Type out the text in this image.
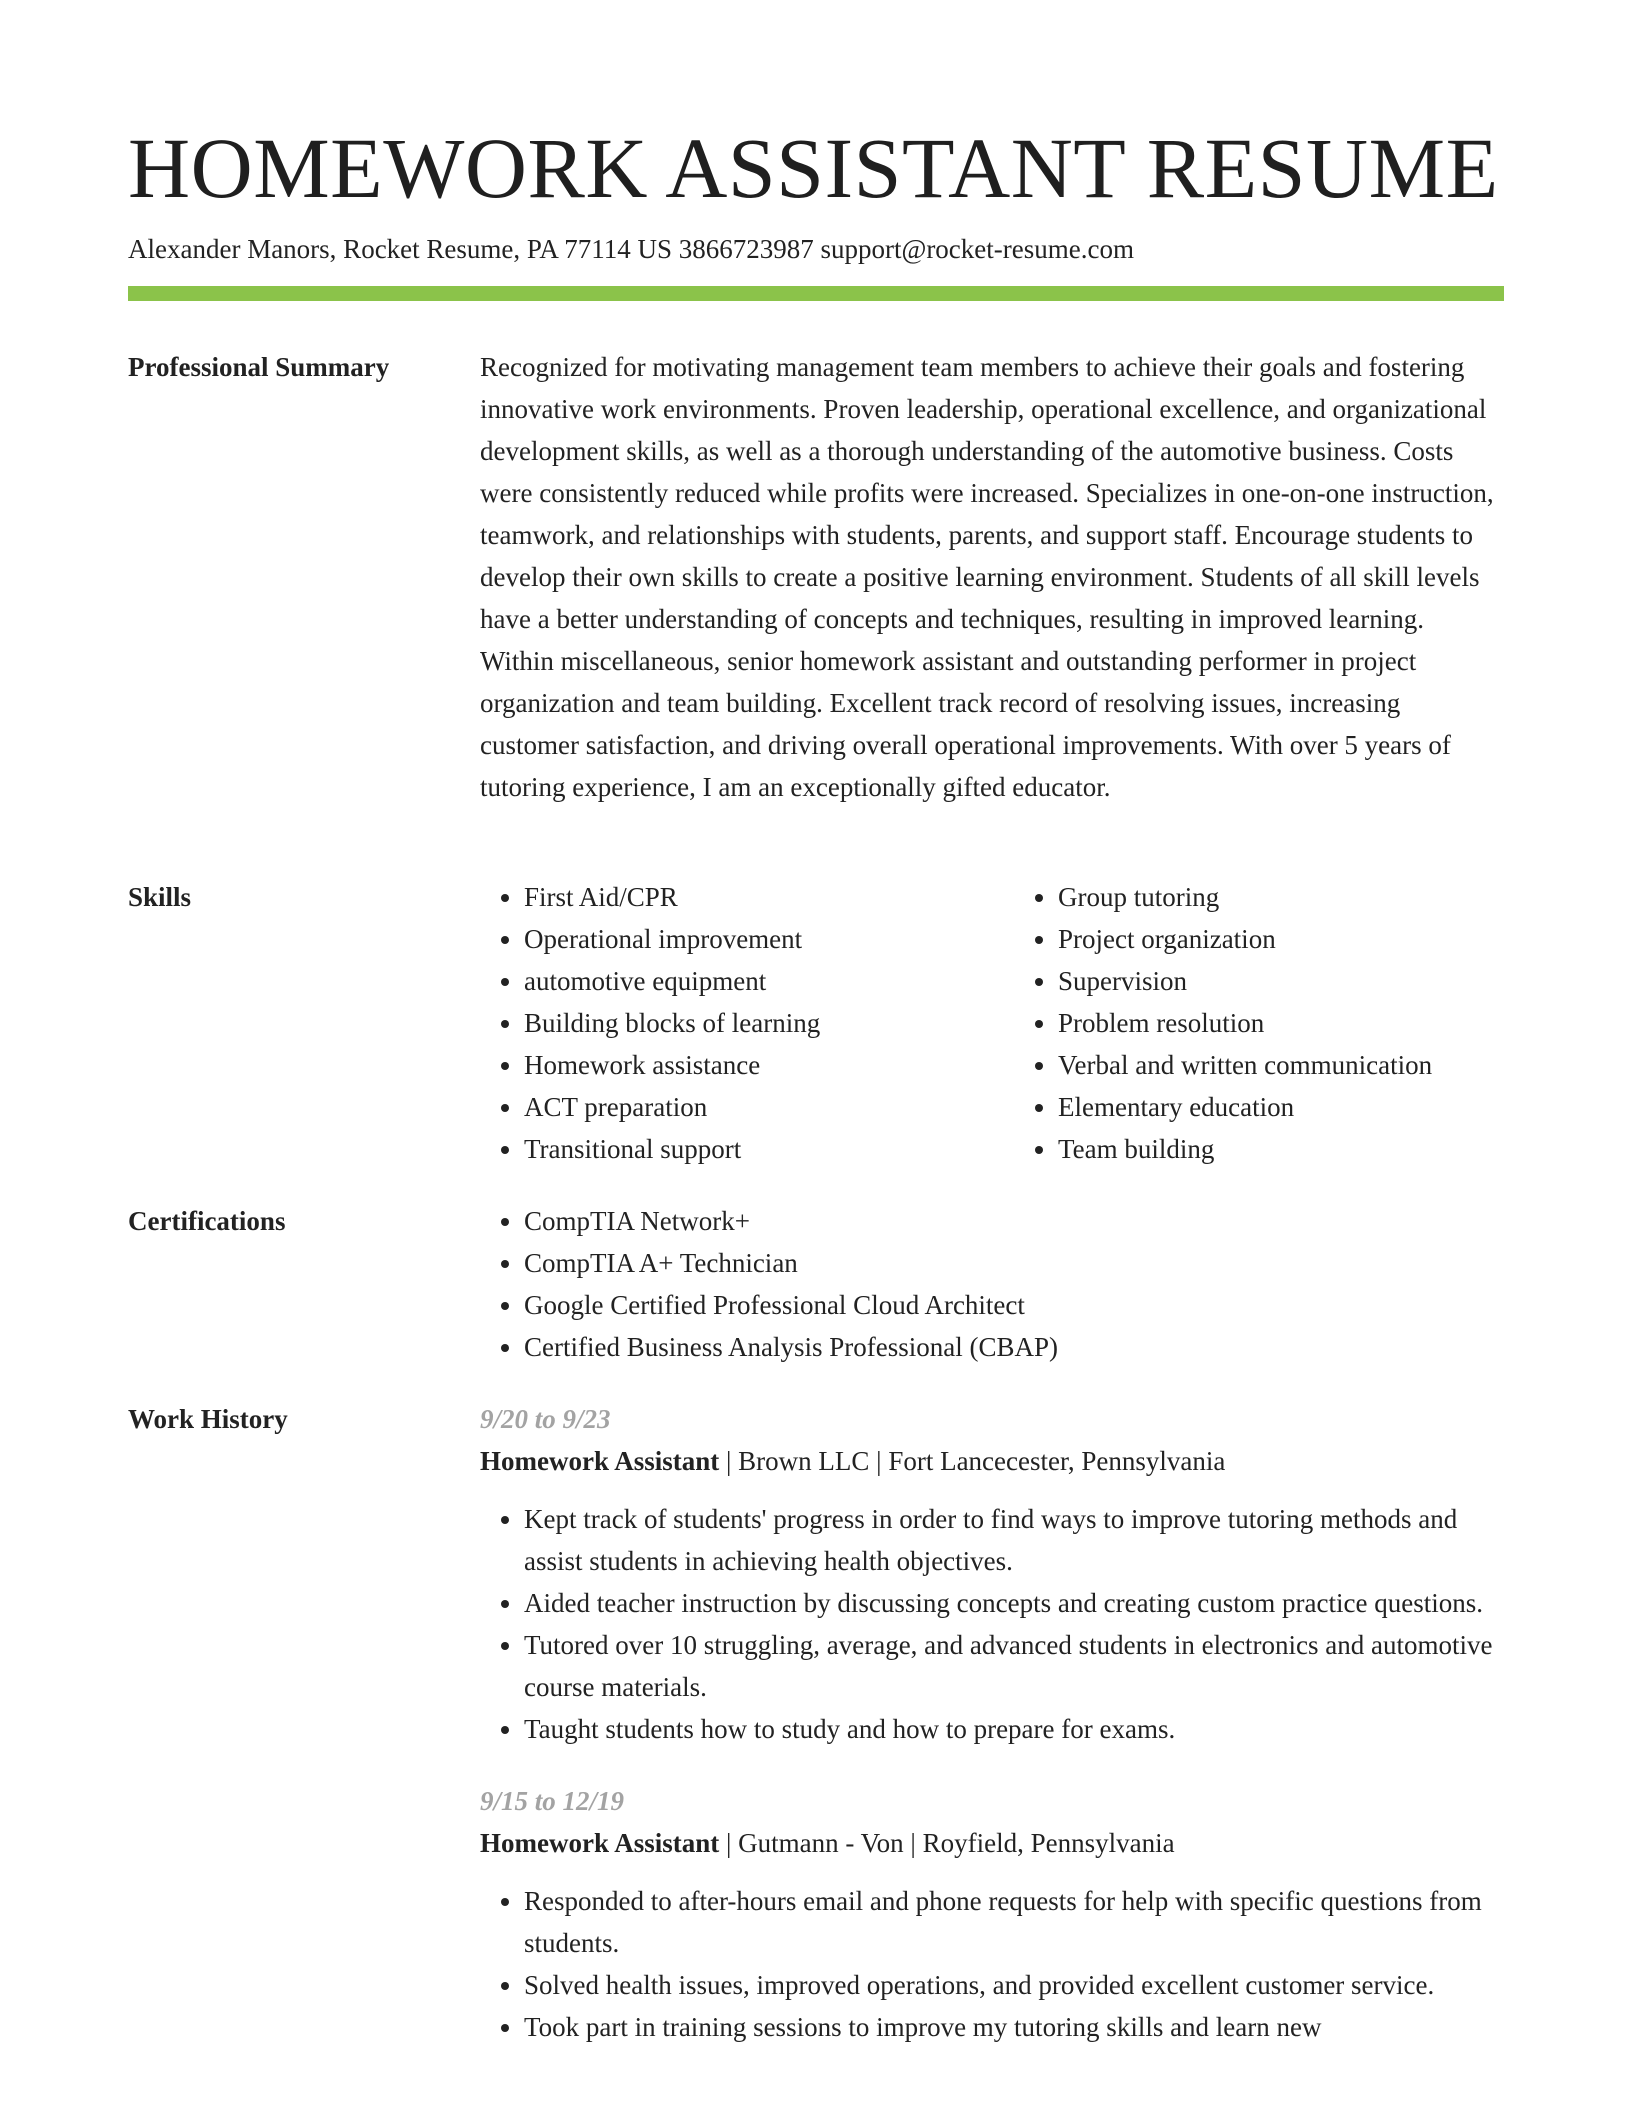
HOMEWORK ASSISTANT RESUME
Alexander Manors, Rocket Resume, PA 77114 US 3866723987 support@rocket-resume.com
Professional Summary	Recognized for motivating management team members to achieve their goals and fostering innovative work environments. Proven leadership, operational excellence, and organizational development skills, as well as a thorough understanding of the automotive business. Costs were consistently reduced while profits were increased. Specializes in one-on-one instruction, teamwork, and relationships with students, parents, and support staff. Encourage students to develop their own skills to create a positive learning environment. Students of all skill levels have a better understanding of concepts and techniques, resulting in improved learning. Within miscellaneous, senior homework assistant and outstanding performer in project organization and team building. Excellent track record of resolving issues, increasing customer satisfaction, and driving overall operational improvements. With over 5 years of tutoring experience, I am an exceptionally gifted educator.

Skills	• First Aid/CPR
• Operational improvement
• automotive equipment
• Building blocks of learning
• Homework assistance
• ACT preparation
• Transitional support
• Group tutoring
• Project organization
• Supervision
• Problem resolution
• Verbal and written communication
• Elementary education
• Team building
Certifications	• CompTIA Network+
• CompTIA A+ Technician
• Google Certified Professional Cloud Architect
• Certified Business Analysis Professional (CBAP)
Work History	9/20 to 9/23
Homework Assistant | Brown LLC | Fort Lancecester, Pennsylvania
• Kept track of students' progress in order to find ways to improve tutoring methods and assist students in achieving health objectives.
• Aided teacher instruction by discussing concepts and creating custom practice questions.
• Tutored over 10 struggling, average, and advanced students in electronics and automotive course materials.
• Taught students how to study and how to prepare for exams.
9/15 to 12/19
Homework Assistant | Gutmann - Von | Royfield, Pennsylvania
• Responded to after-hours email and phone requests for help with specific questions from students.
• Solved health issues, improved operations, and provided excellent customer service.
• Took part in training sessions to improve my tutoring skills and learn new
